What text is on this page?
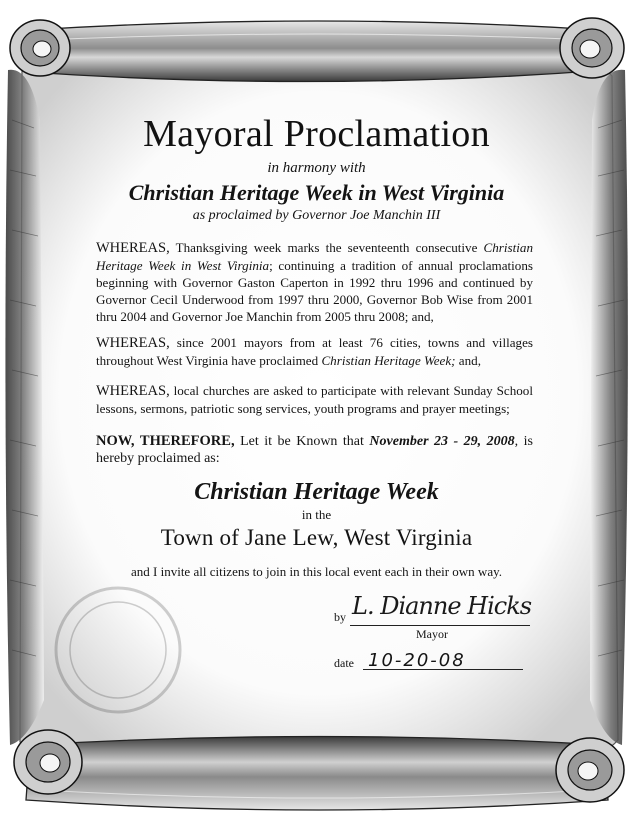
Mayoral Proclamation
in harmony with
Christian Heritage Week in West Virginia
as proclaimed by Governor Joe Manchin III
WHEREAS, Thanksgiving week marks the seventeenth consecutive Christian Heritage Week in West Virginia; continuing a tradition of annual proclamations beginning with Governor Gaston Caperton in 1992 thru 1996 and continued by Governor Cecil Underwood from 1997 thru 2000, Governor Bob Wise from 2001 thru 2004 and Governor Joe Manchin from 2005 thru 2008; and,
WHEREAS, since 2001 mayors from at least 76 cities, towns and villages throughout West Virginia have proclaimed Christian Heritage Week; and,
WHEREAS, local churches are asked to participate with relevant Sunday School lessons, sermons, patriotic song services, youth programs and prayer meetings;
NOW, THEREFORE, Let it be Known that November 23 - 29, 2008, is hereby proclaimed as:
Christian Heritage Week
in the
Town of Jane Lew, West Virginia
and I invite all citizens to join in this local event each in their own way.
by L. Dianne Hicks
Mayor
date 10-20-08
